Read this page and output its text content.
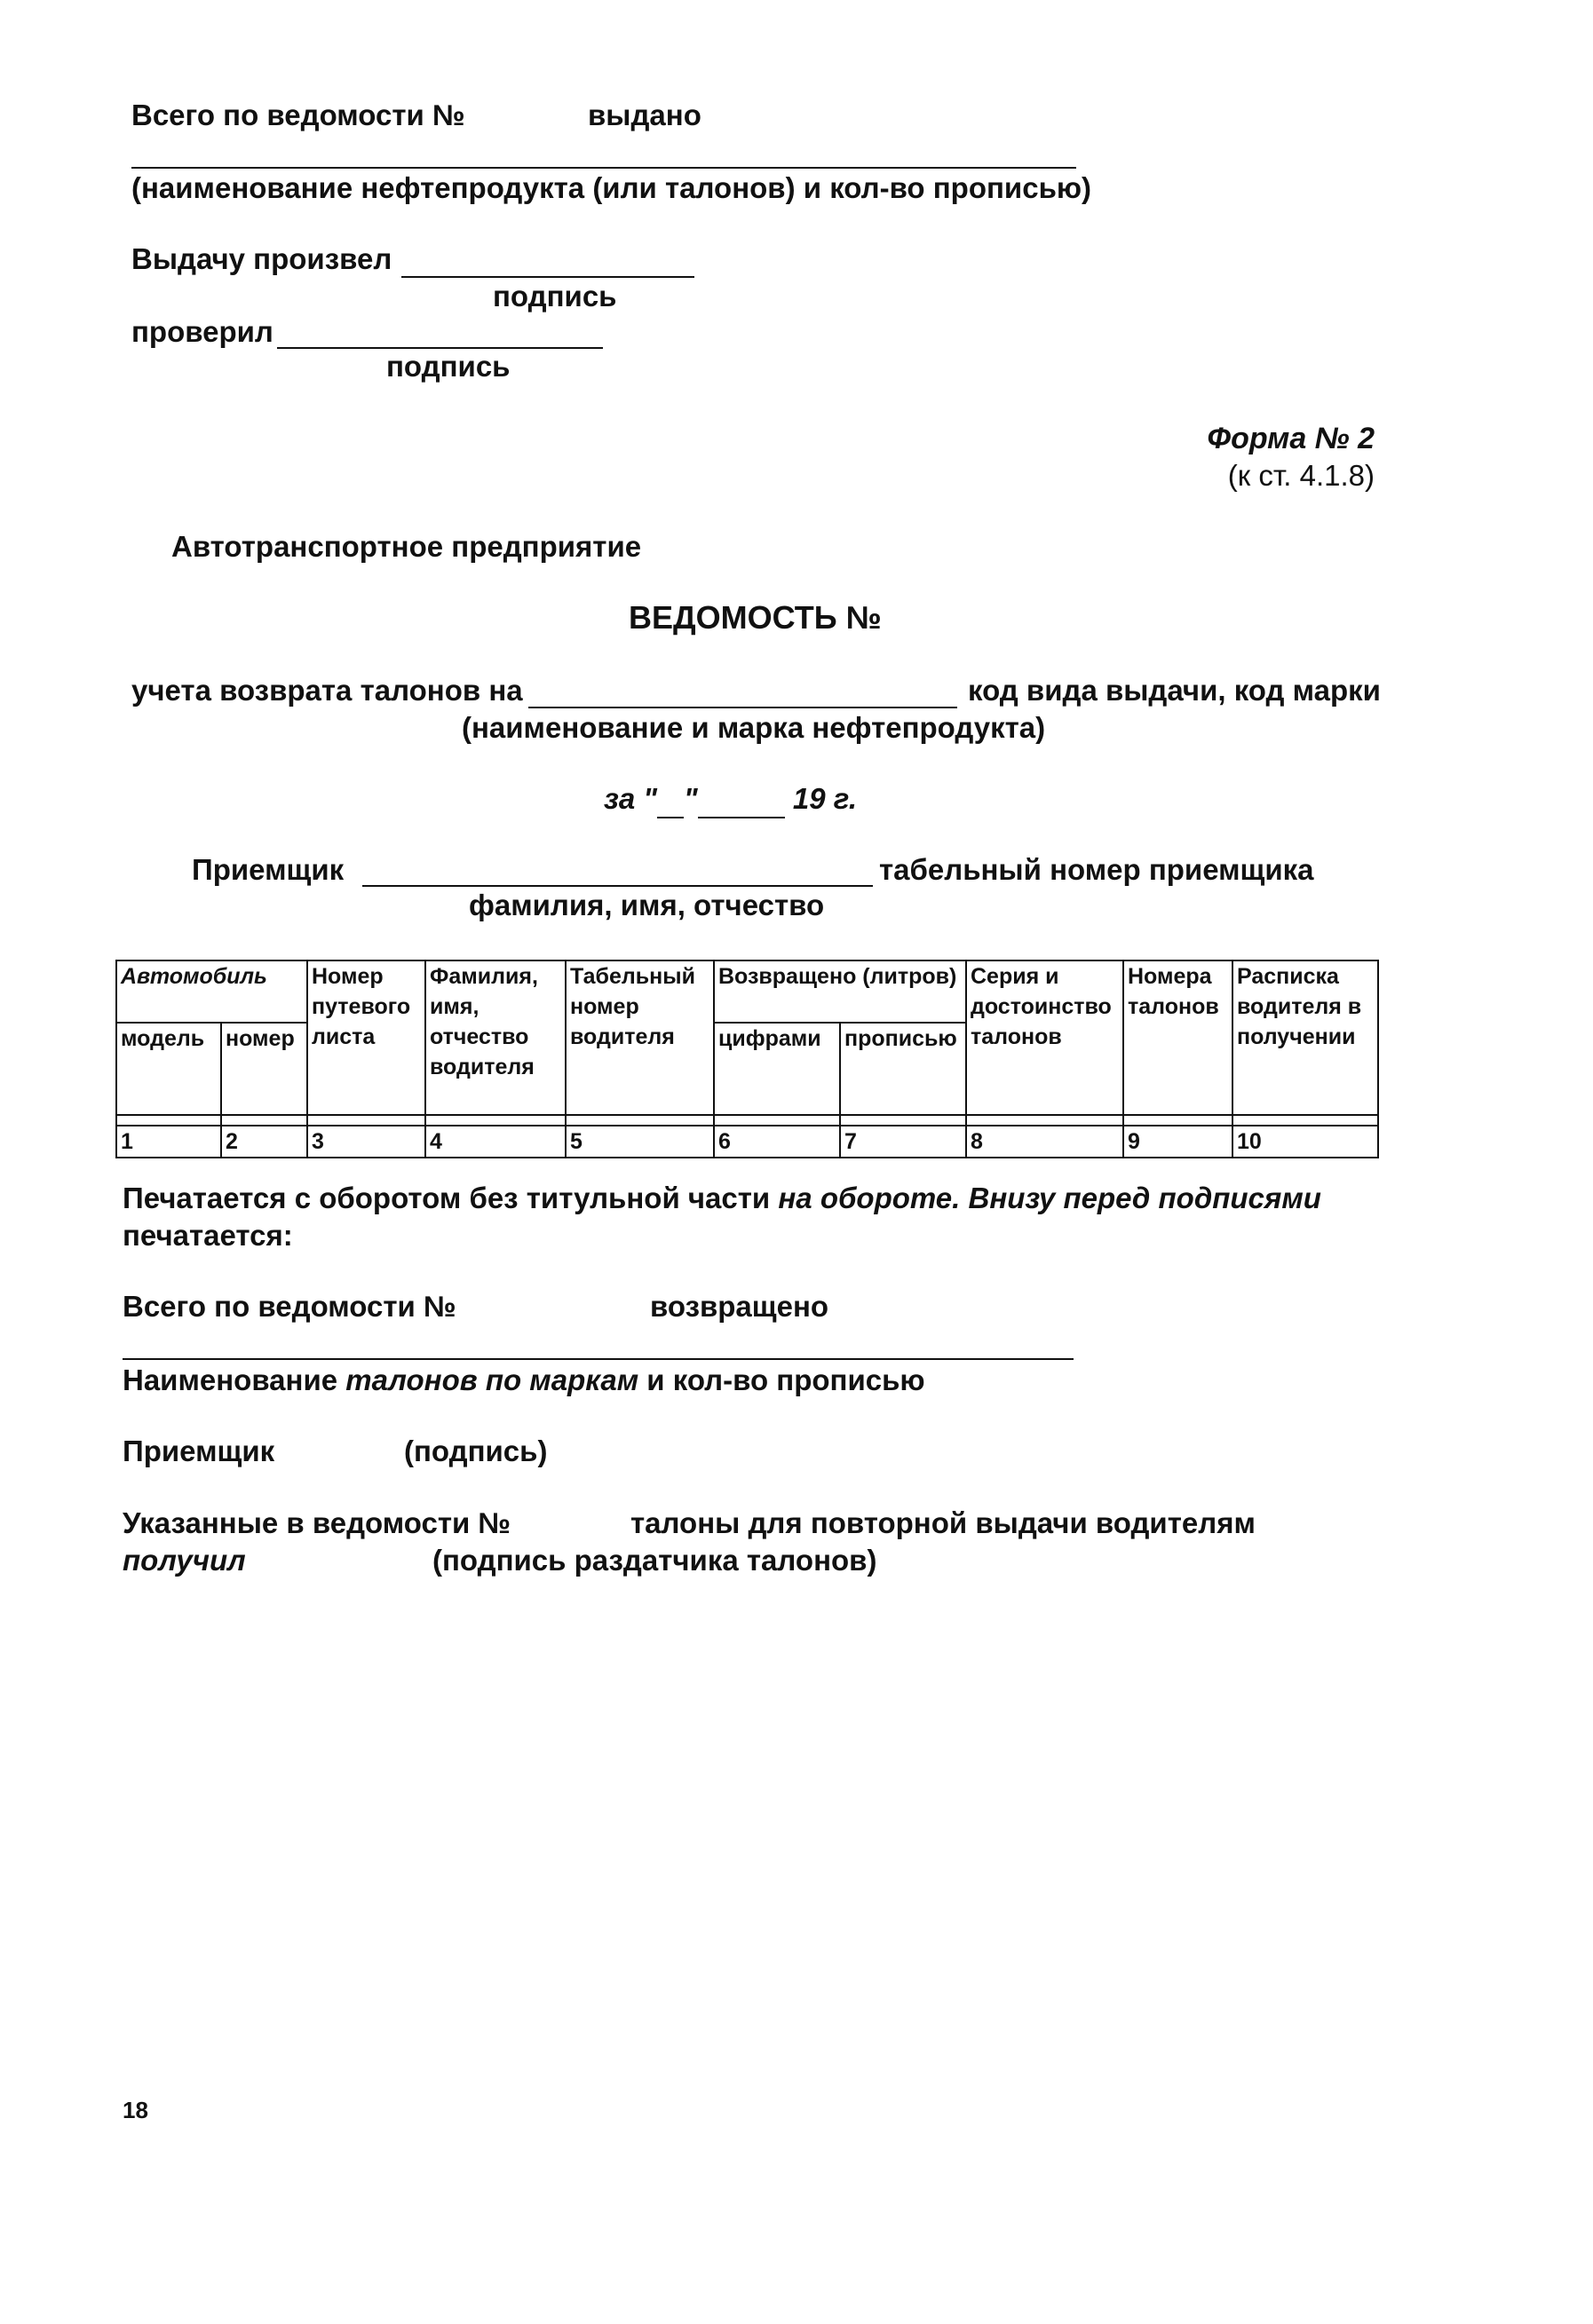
Всего по ведомости №	выдано
(наименование нефтепродукта (или талонов) и кол-во прописью)
Выдачу произвел
подпись
проверил
подпись
Форма № 2
(к ст. 4.1.8)
Автотранспортное предприятие
ВЕДОМОСТЬ №
учета возврата талонов на	код вида выдачи, код марки
(наименование и марка нефтепродукта)
за " "	19 г.
Приемщик	табельный номер приемщика
фамилия, имя, отчество
Автомобиль		Номер путевого листа	Фамилия, имя, отчество водителя	Табельный номер водителя	Возвращено (литров)		Серия и достоинство талонов	Номера талонов	Расписка водителя в получении
модель	номер				цифрами	прописью			

1	2	3	4	5	6	7	8	9	10
Печатается с оборотом без титульной части на обороте. Внизу перед подписями
печатается:
Всего по ведомости №	возвращено
Наименование талонов по маркам и кол-во прописью
Приемщик	(подпись)
Указанные в ведомости №	талоны для повторной выдачи водителям
получил	(подпись раздатчика талонов)
18
